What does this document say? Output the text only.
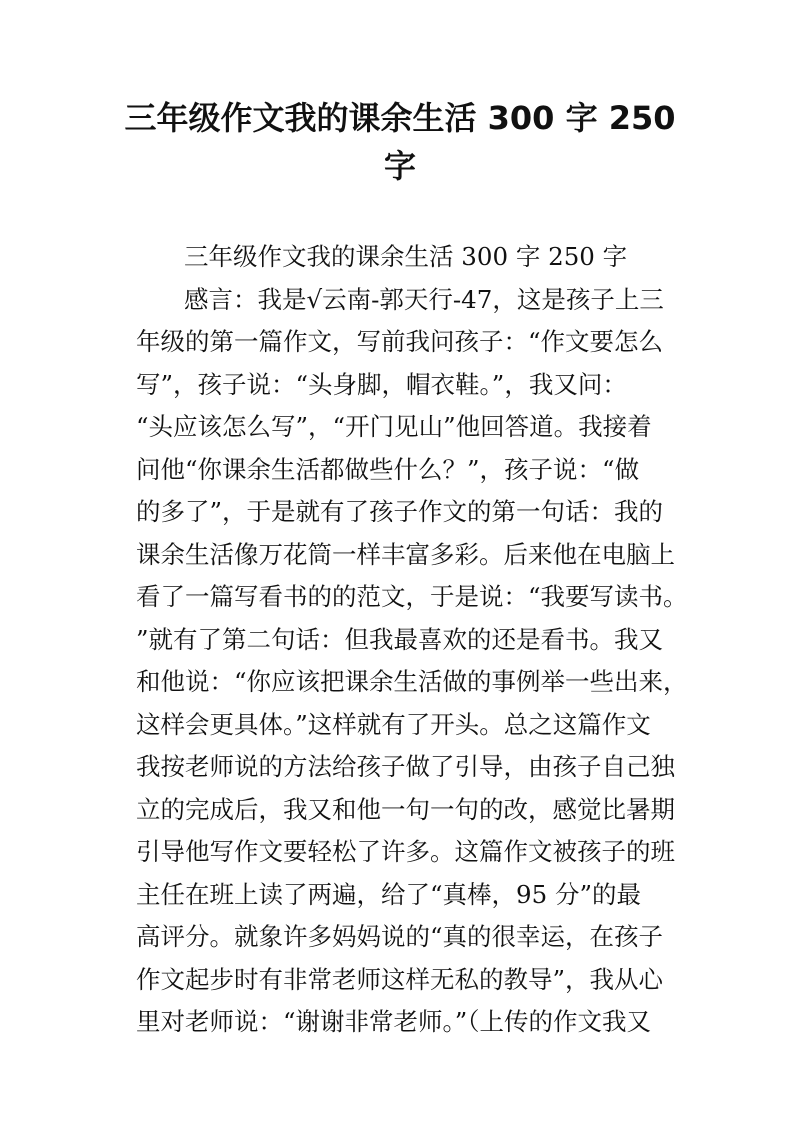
三年级作文我的课余生活 300 字 250
字
三年级作文我的课余生活 300 字 250 字
感言：我是√云南-郭天行-47，这是孩子上三
年级的第一篇作文，写前我问孩子：“作文要怎么
写”，孩子说：“头身脚，帽衣鞋。”，我又问：
“头应该怎么写”，“开门见山”他回答道。我接着
问他“你课余生活都做些什么？”，孩子说：“做
的多了”，于是就有了孩子作文的第一句话：我的
课余生活像万花筒一样丰富多彩。后来他在电脑上
看了一篇写看书的的范文，于是说：“我要写读书。
”就有了第二句话：但我最喜欢的还是看书。我又
和他说：“你应该把课余生活做的事例举一些出来，
这样会更具体。”这样就有了开头。总之这篇作文
我按老师说的方法给孩子做了引导，由孩子自己独
立的完成后，我又和他一句一句的改，感觉比暑期
引导他写作文要轻松了许多。这篇作文被孩子的班
主任在班上读了两遍，给了“真棒，95 分”的最
高评分。就象许多妈妈说的“真的很幸运，在孩子
作文起步时有非常老师这样无私的教导”，我从心
里对老师说：“谢谢非常老师。”（上传的作文我又
